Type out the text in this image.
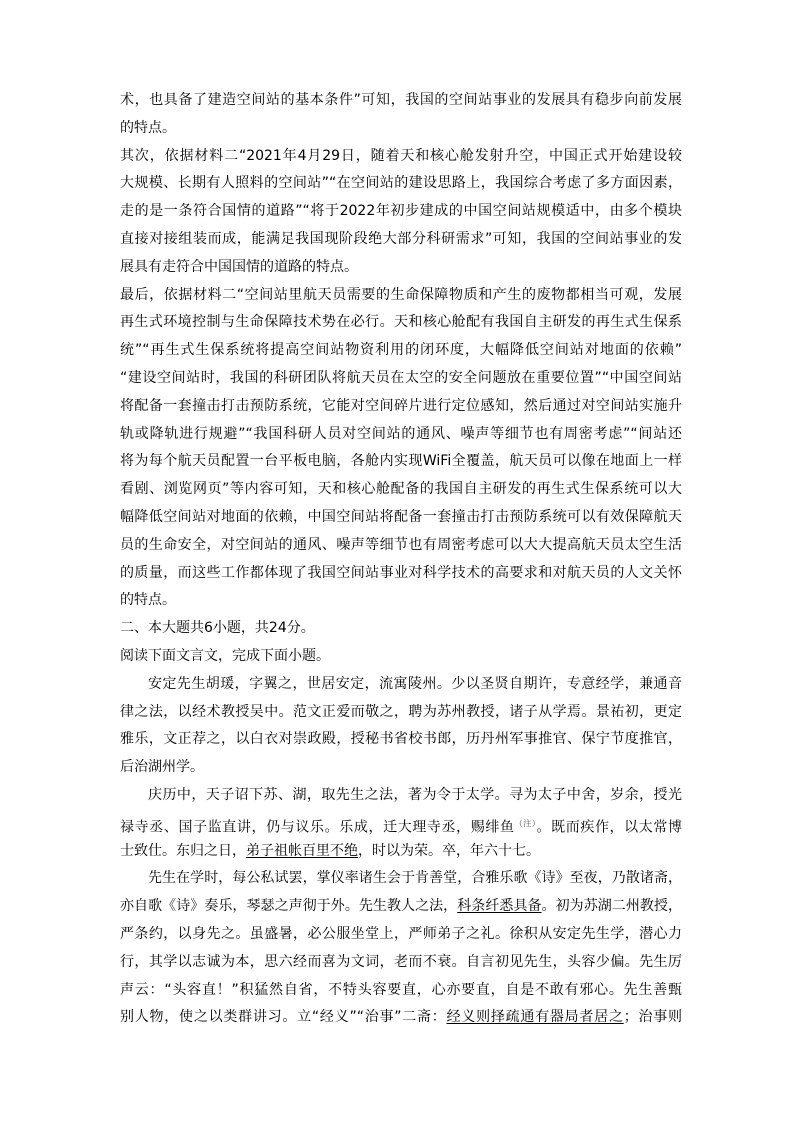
术，也具备了建造空间站的基本条件”可知，我国的空间站事业的发展具有稳步向前发展
的特点。
其次，依据材料二“2021年4月29日，随着天和核心舱发射升空，中国正式开始建设较
大规模、长期有人照料的空间站”“在空间站的建设思路上，我国综合考虑了多方面因素，
走的是一条符合国情的道路”“将于2022年初步建成的中国空间站规模适中，由多个模块
直接对接组装而成，能满足我国现阶段绝大部分科研需求”可知，我国的空间站事业的发
展具有走符合中国国情的道路的特点。
最后，依据材料二“空间站里航天员需要的生命保障物质和产生的废物都相当可观，发展
再生式环境控制与生命保障技术势在必行。天和核心舱配有我国自主研发的再生式生保系
统”“再生式生保系统将提高空间站物资利用的闭环度，大幅降低空间站对地面的依赖”
“建设空间站时，我国的科研团队将航天员在太空的安全问题放在重要位置”“中国空间站
将配备一套撞击打击预防系统，它能对空间碎片进行定位感知，然后通过对空间站实施升
轨或降轨进行规避”“我国科研人员对空间站的通风、噪声等细节也有周密考虑”“间站还
将为每个航天员配置一台平板电脑，各舱内实现WiFi全覆盖，航天员可以像在地面上一样
看剧、浏览网页”等内容可知，天和核心舱配备的我国自主研发的再生式生保系统可以大
幅降低空间站对地面的依赖，中国空间站将配备一套撞击打击预防系统可以有效保障航天
员的生命安全，对空间站的通风、噪声等细节也有周密考虑可以大大提高航天员太空生活
的质量，而这些工作都体现了我国空间站事业对科学技术的高要求和对航天员的人文关怀
的特点。
二、本大题共6小题，共24分。
阅读下面文言文，完成下面小题。
安定先生胡瑗，字翼之，世居安定，流寓陵州。少以圣贤自期许，专意经学，兼通音
律之法，以经术教授吴中。范文正爱而敬之，聘为苏州教授，诸子从学焉。景祐初，更定
雅乐，文正荐之，以白衣对崇政殿，授秘书省校书郎，历丹州军事推官、保宁节度推官，
后治湖州学。
庆历中，天子诏下苏、湖，取先生之法，著为令于太学。寻为太子中舍，岁余，授光
禄寺丞、国子监直讲，仍与议乐。乐成，迁大理寺丞，赐绯鱼$^{(注)}$。既而疾作，以太常博
士致仕。东归之日，弟子祖帐百里不绝，时以为荣。卒，年六十七。
先生在学时，每公私试罢，掌仪率诸生会于肯善堂，合雅乐歌《诗》至夜，乃散诸斋，
亦自歌《诗》奏乐，琴瑟之声彻于外。先生教人之法，科条纤悉具备。初为苏湖二州教授，
严条约，以身先之。虽盛暑，必公服坐堂上，严师弟子之礼。徐积从安定先生学，潜心力
行，其学以志诚为本，思六经而喜为文词，老而不衰。自言初见先生，头容少偏。先生厉
声云：“头容直！”积猛然自省，不特头容要直，心亦要直，自是不敢有邪心。先生善甄
别人物，使之以类群讲习。立“经义”“治事”二斋：经义则择疏通有器局者居之；治事则
